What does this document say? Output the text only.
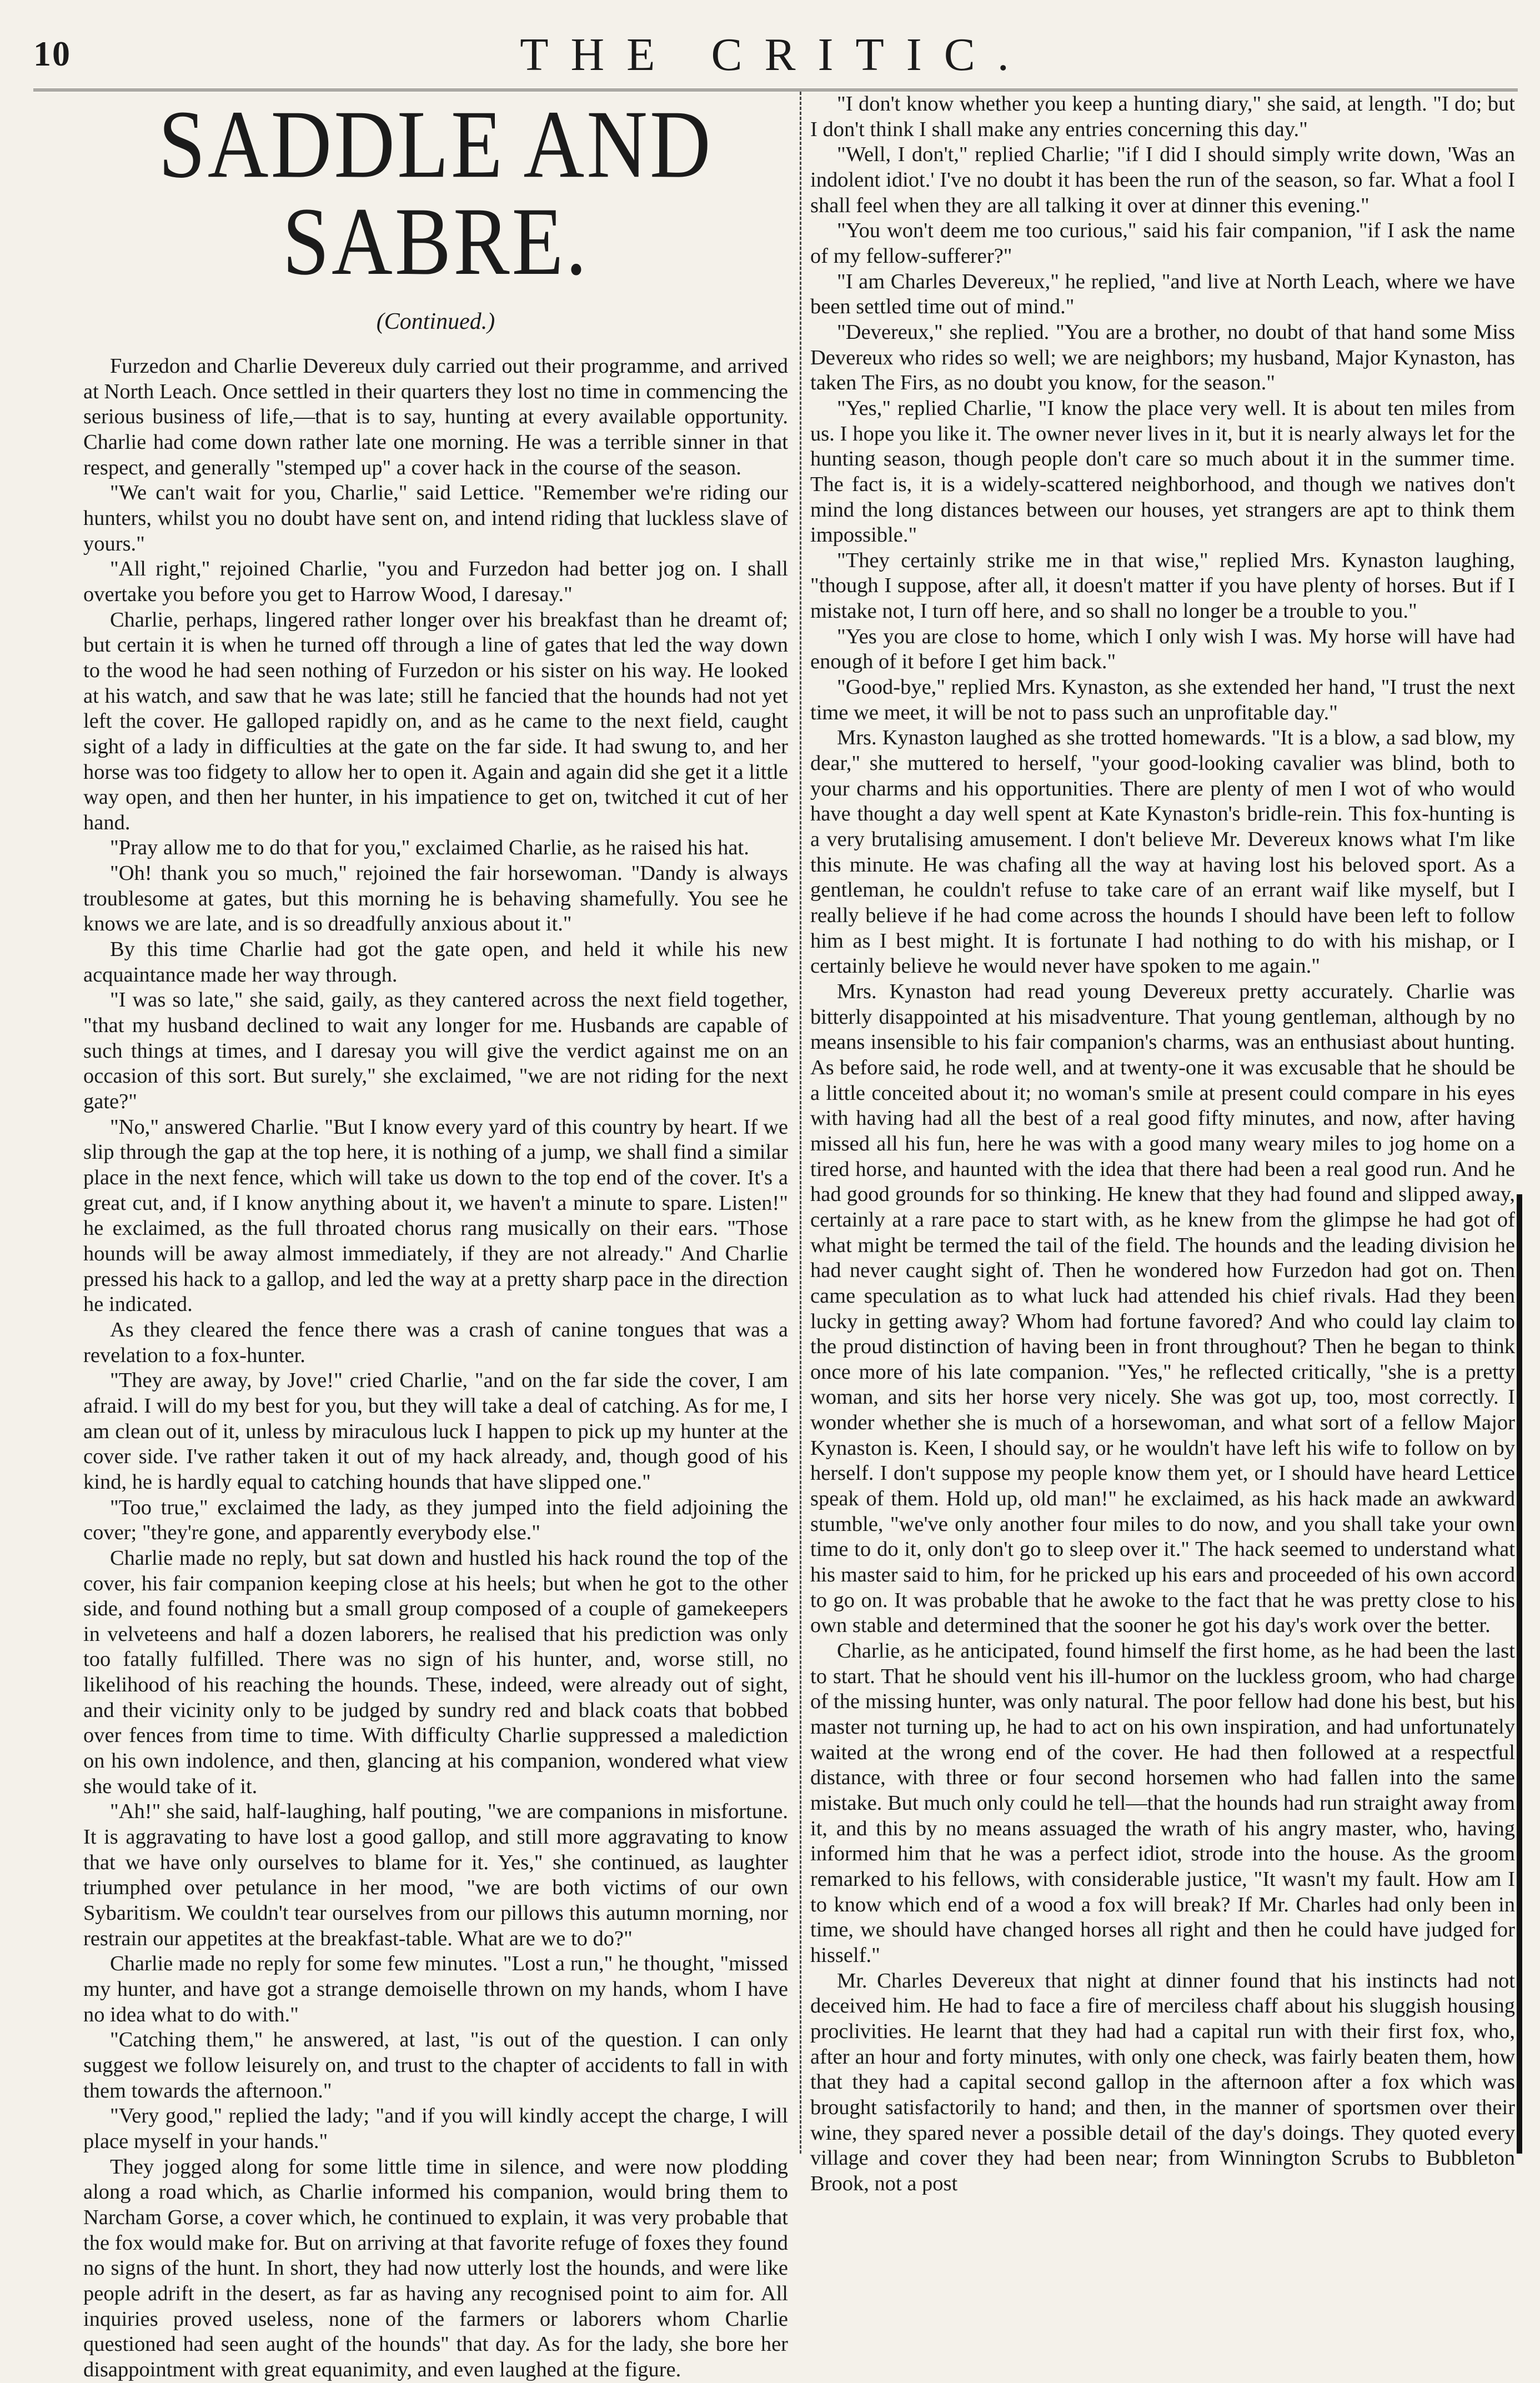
10	THE CRITIC.
SADDLE AND SABRE.
(Continued.)

Furzedon and Charlie Devereux duly carried out their programme, and arrived at North Leach. Once settled in their quarters they lost no time in commencing the serious business of life,—that is to say, hunting at every available opportunity. Charlie had come down rather late one morning. He was a terrible sinner in that respect, and generally "stemped up" a cover hack in the course of the season.

"We can't wait for you, Charlie," said Lettice. "Remember we're riding our hunters, whilst you no doubt have sent on, and intend riding that luckless slave of yours."

"All right," rejoined Charlie, "you and Furzedon had better jog on. I shall overtake you before you get to Harrow Wood, I daresay."

Charlie, perhaps, lingered rather longer over his breakfast than he dreamt of; but certain it is when he turned off through a line of gates that led the way down to the wood he had seen nothing of Furzedon or his sister on his way. He looked at his watch, and saw that he was late; still he fancied that the hounds had not yet left the cover. He galloped rapidly on, and as he came to the next field, caught sight of a lady in difficulties at the gate on the far side. It had swung to, and her horse was too fidgety to allow her to open it. Again and again did she get it a little way open, and then her hunter, in his impatience to get on, twitched it cut of her hand.

"Pray allow me to do that for you," exclaimed Charlie, as he raised his hat.

"Oh! thank you so much," rejoined the fair horsewoman. "Dandy is always troublesome at gates, but this morning he is behaving shamefully. You see he knows we are late, and is so dreadfully anxious about it."

By this time Charlie had got the gate open, and held it while his new acquaintance made her way through.

"I was so late," she said, gaily, as they cantered across the next field together, "that my husband declined to wait any longer for me. Husbands are capable of such things at times, and I daresay you will give the verdict against me on an occasion of this sort. But surely," she exclaimed, "we are not riding for the next gate?"

"No," answered Charlie. "But I know every yard of this country by heart. If we slip through the gap at the top here, it is nothing of a jump, we shall find a similar place in the next fence, which will take us down to the top end of the cover. It's a great cut, and, if I know anything about it, we haven't a minute to spare. Listen!" he exclaimed, as the full throated chorus rang musically on their ears. "Those hounds will be away almost immediately, if they are not already." And Charlie pressed his hack to a gallop, and led the way at a pretty sharp pace in the direction he indicated.

As they cleared the fence there was a crash of canine tongues that was a revelation to a fox-hunter.

"They are away, by Jove!" cried Charlie, "and on the far side the cover, I am afraid. I will do my best for you, but they will take a deal of catching. As for me, I am clean out of it, unless by miraculous luck I happen to pick up my hunter at the cover side. I've rather taken it out of my hack already, and, though good of his kind, he is hardly equal to catching hounds that have slipped one."

"Too true," exclaimed the lady, as they jumped into the field adjoining the cover; "they're gone, and apparently everybody else."

Charlie made no reply, but sat down and hustled his hack round the top of the cover, his fair companion keeping close at his heels; but when he got to the other side, and found nothing but a small group composed of a couple of gamekeepers in velveteens and half a dozen laborers, he realised that his prediction was only too fatally fulfilled. There was no sign of his hunter, and, worse still, no likelihood of his reaching the hounds. These, indeed, were already out of sight, and their vicinity only to be judged by sundry red and black coats that bobbed over fences from time to time. With difficulty Charlie suppressed a malediction on his own indolence, and then, glancing at his companion, wondered what view she would take of it.

"Ah!" she said, half-laughing, half pouting, "we are companions in misfortune. It is aggravating to have lost a good gallop, and still more aggravating to know that we have only ourselves to blame for it. Yes," she continued, as laughter triumphed over petulance in her mood, "we are both victims of our own Sybaritism. We couldn't tear ourselves from our pillows this autumn morning, nor restrain our appetites at the breakfast-table. What are we to do?"

Charlie made no reply for some few minutes. "Lost a run," he thought, "missed my hunter, and have got a strange demoiselle thrown on my hands, whom I have no idea what to do with."

"Catching them," he answered, at last, "is out of the question. I can only suggest we follow leisurely on, and trust to the chapter of accidents to fall in with them towards the afternoon."

"Very good," replied the lady; "and if you will kindly accept the charge, I will place myself in your hands."

They jogged along for some little time in silence, and were now plodding along a road which, as Charlie informed his companion, would bring them to Narcham Gorse, a cover which, he continued to explain, it was very probable that the fox would make for. But on arriving at that favorite refuge of foxes they found no signs of the hunt. In short, they had now utterly lost the hounds, and were like people adrift in the desert, as far as having any recognised point to aim for. All inquiries proved useless, none of the farmers or laborers whom Charlie questioned had seen aught of the hounds" that day. As for the lady, she bore her disappointment with great equanimity, and even laughed at the figure.

"I don't know whether you keep a hunting diary," she said, at length. "I do; but I don't think I shall make any entries concerning this day."

"Well, I don't," replied Charlie; "if I did I should simply write down, 'Was an indolent idiot.' I've no doubt it has been the run of the season, so far. What a fool I shall feel when they are all talking it over at dinner this evening."

"You won't deem me too curious," said his fair companion, "if I ask the name of my fellow-sufferer?"

"I am Charles Devereux," he replied, "and live at North Leach, where we have been settled time out of mind."

"Devereux," she replied. "You are a brother, no doubt of that hand some Miss Devereux who rides so well; we are neighbors; my husband, Major Kynaston, has taken The Firs, as no doubt you know, for the season."

"Yes," replied Charlie, "I know the place very well. It is about ten miles from us. I hope you like it. The owner never lives in it, but it is nearly always let for the hunting season, though people don't care so much about it in the summer time. The fact is, it is a widely-scattered neighborhood, and though we natives don't mind the long distances between our houses, yet strangers are apt to think them impossible."

"They certainly strike me in that wise," replied Mrs. Kynaston laughing, "though I suppose, after all, it doesn't matter if you have plenty of horses. But if I mistake not, I turn off here, and so shall no longer be a trouble to you."

"Yes you are close to home, which I only wish I was. My horse will have had enough of it before I get him back."

"Good-bye," replied Mrs. Kynaston, as she extended her hand, "I trust the next time we meet, it will be not to pass such an unprofitable day."

Mrs. Kynaston laughed as she trotted homewards. "It is a blow, a sad blow, my dear," she muttered to herself, "your good-looking cavalier was blind, both to your charms and his opportunities. There are plenty of men I wot of who would have thought a day well spent at Kate Kynaston's bridle-rein. This fox-hunting is a very brutalising amusement. I don't believe Mr. Devereux knows what I'm like this minute. He was chafing all the way at having lost his beloved sport. As a gentleman, he couldn't refuse to take care of an errant waif like myself, but I really believe if he had come across the hounds I should have been left to follow him as I best might. It is fortunate I had nothing to do with his mishap, or I certainly believe he would never have spoken to me again."

Mrs. Kynaston had read young Devereux pretty accurately. Charlie was bitterly disappointed at his misadventure. That young gentleman, although by no means insensible to his fair companion's charms, was an enthusiast about hunting. As before said, he rode well, and at twenty-one it was excusable that he should be a little conceited about it; no woman's smile at present could compare in his eyes with having had all the best of a real good fifty minutes, and now, after having missed all his fun, here he was with a good many weary miles to jog home on a tired horse, and haunted with the idea that there had been a real good run. And he had good grounds for so thinking. He knew that they had found and slipped away, certainly at a rare pace to start with, as he knew from the glimpse he had got of what might be termed the tail of the field. The hounds and the leading division he had never caught sight of. Then he wondered how Furzedon had got on. Then came speculation as to what luck had attended his chief rivals. Had they been lucky in getting away? Whom had fortune favored? And who could lay claim to the proud distinction of having been in front throughout? Then he began to think once more of his late companion. "Yes," he reflected critically, "she is a pretty woman, and sits her horse very nicely. She was got up, too, most correctly. I wonder whether she is much of a horsewoman, and what sort of a fellow Major Kynaston is. Keen, I should say, or he wouldn't have left his wife to follow on by herself. I don't suppose my people know them yet, or I should have heard Lettice speak of them. Hold up, old man!" he exclaimed, as his hack made an awkward stumble, "we've only another four miles to do now, and you shall take your own time to do it, only don't go to sleep over it." The hack seemed to understand what his master said to him, for he pricked up his ears and proceeded of his own accord to go on. It was probable that he awoke to the fact that he was pretty close to his own stable and determined that the sooner he got his day's work over the better.

Charlie, as he anticipated, found himself the first home, as he had been the last to start. That he should vent his ill-humor on the luckless groom, who had charge of the missing hunter, was only natural. The poor fellow had done his best, but his master not turning up, he had to act on his own inspiration, and had unfortunately waited at the wrong end of the cover. He had then followed at a respectful distance, with three or four second horsemen who had fallen into the same mistake. But much only could he tell—that the hounds had run straight away from it, and this by no means assuaged the wrath of his angry master, who, having informed him that he was a perfect idiot, strode into the house. As the groom remarked to his fellows, with considerable justice, "It wasn't my fault. How am I to know which end of a wood a fox will break? If Mr. Charles had only been in time, we should have changed horses all right and then he could have judged for hisself."

Mr. Charles Devereux that night at dinner found that his instincts had not deceived him. He had to face a fire of merciless chaff about his sluggish housing proclivities. He learnt that they had had a capital run with their first fox, who, after an hour and forty minutes, with only one check, was fairly beaten them, how that they had a capital second gallop in the afternoon after a fox which was brought satisfactorily to hand; and then, in the manner of sportsmen over their wine, they spared never a possible detail of the day's doings. They quoted every village and cover they had been near; from Winnington Scrubs to Bubbleton Brook, not a post
